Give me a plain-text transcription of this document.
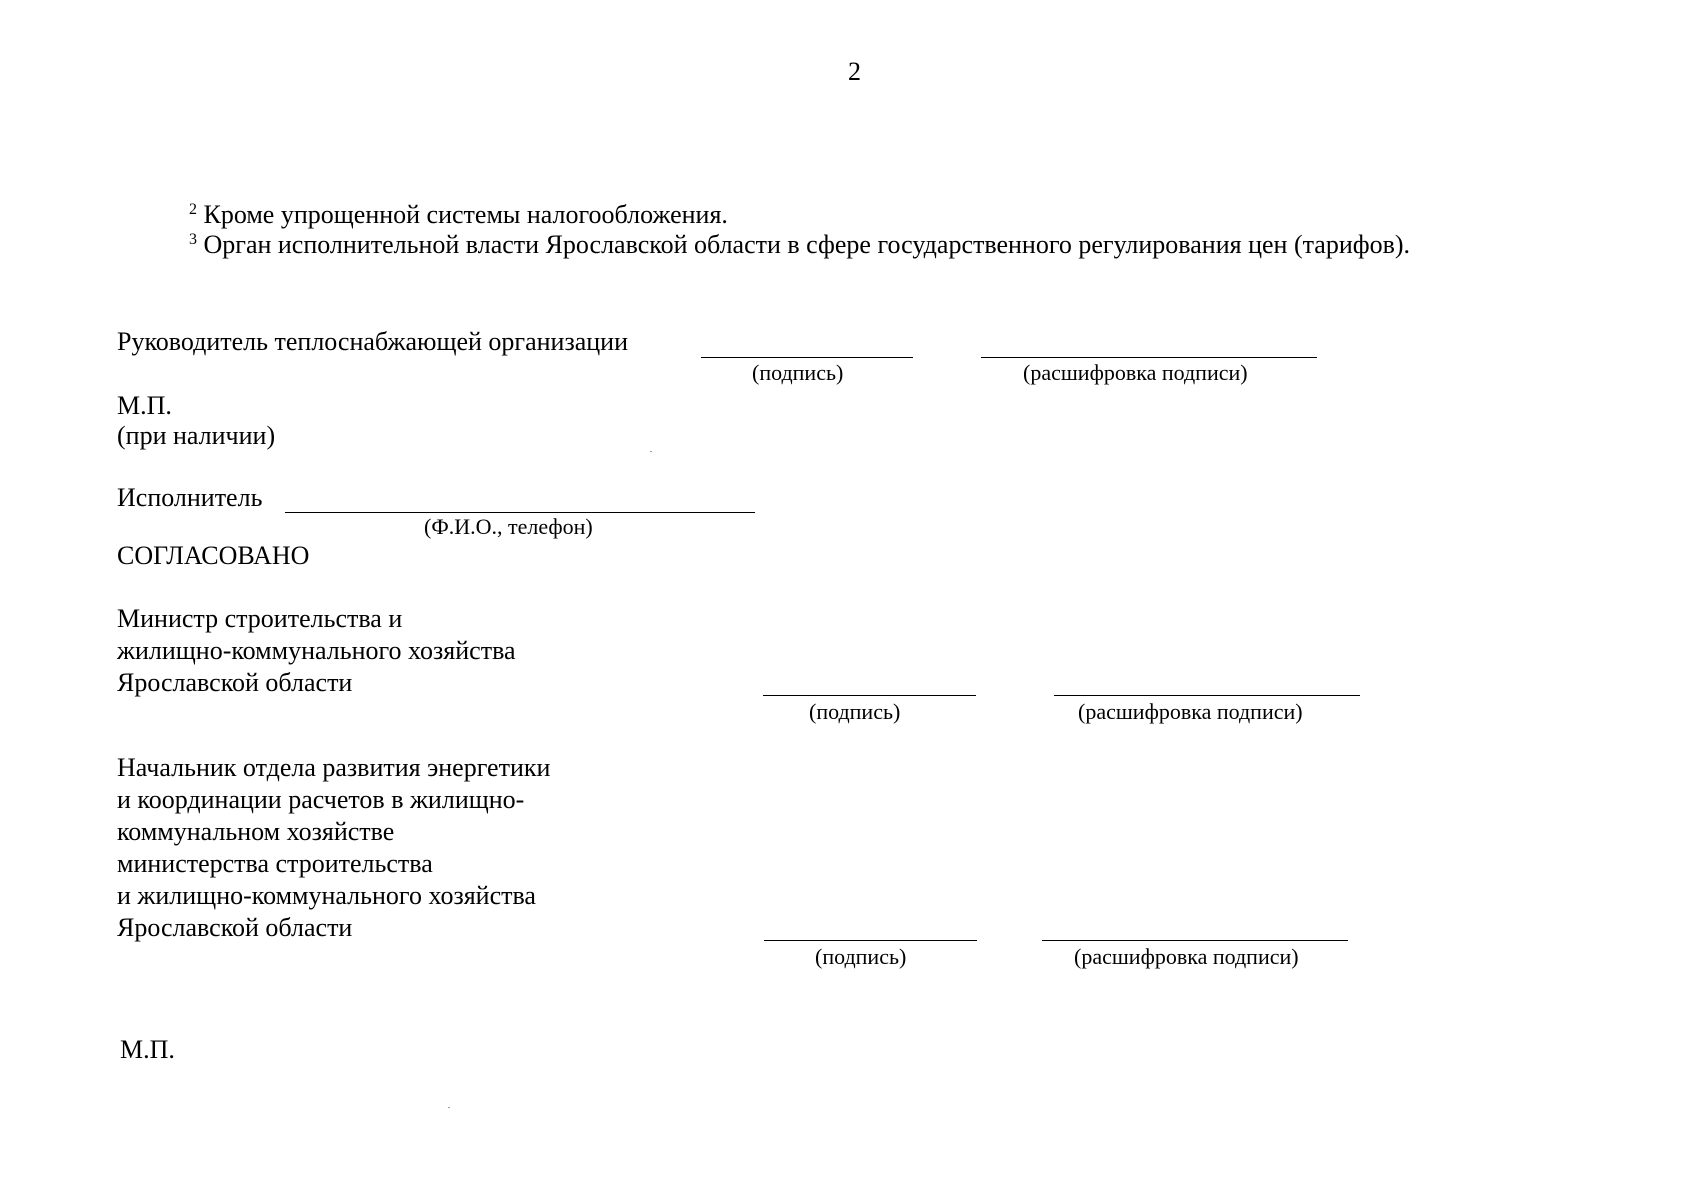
2
$^2$ Кроме упрощенной системы налогообложения.
$^3$ Орган исполнительной власти Ярославской области в сфере государственного регулирования цен (тарифов).
Руководитель теплоснабжающей организации
(подпись)	(расшифровка подписи)
М.П.
(при наличии)
Исполнитель
(Ф.И.О., телефон)
СОГЛАСОВАНО
Министр строительства и
жилищно-коммунального хозяйства
Ярославской области
(подпись)	(расшифровка подписи)
Начальник отдела развития энергетики
и координации расчетов в жилищно-
коммунальном хозяйстве
министерства строительства
и жилищно-коммунального хозяйства
Ярославской области
(подпись)	(расшифровка подписи)
М.П.
